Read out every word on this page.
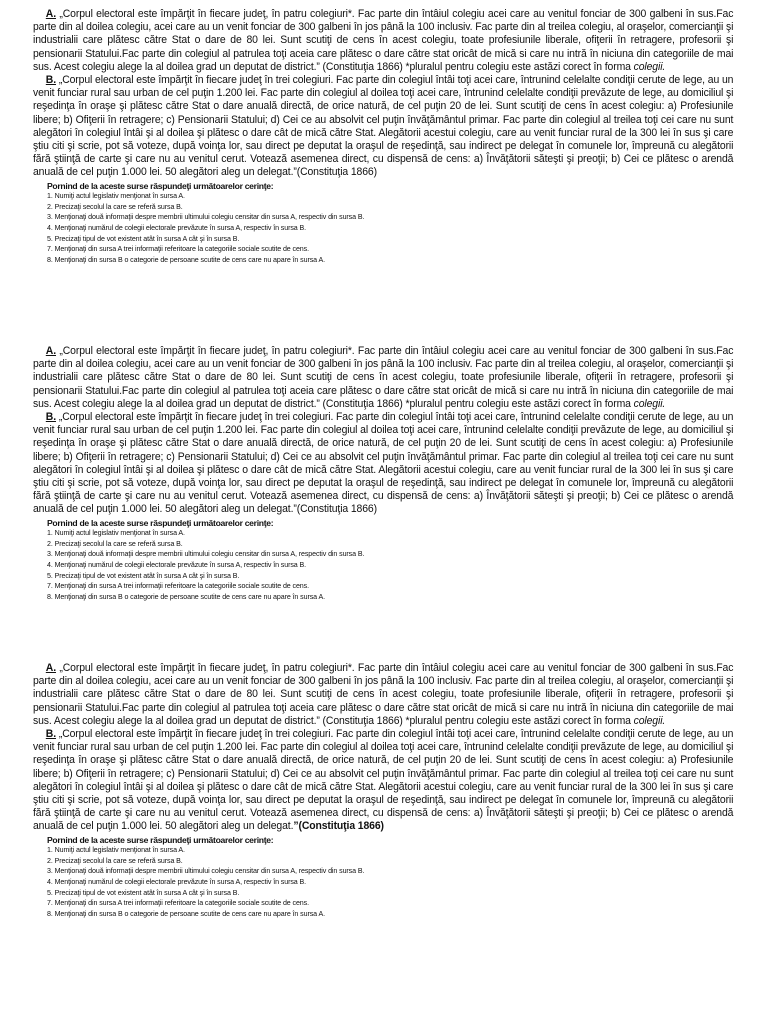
A. „Corpul electoral este împărţit în fiecare judeţ, în patru colegiuri*. Fac parte din întâiul colegiu acei care au venitul fonciar de 300 galbeni în sus.Fac parte din al doilea colegiu, acei care au un venit fonciar de 300 galbeni în jos până la 100 inclusiv. Fac parte din al treilea colegiu, al oraşelor, comercianţii şi industrialii care plătesc către Stat o dare de 80 lei. Sunt scutiţi de cens în acest colegiu, toate profesiunile liberale, ofiţerii în retragere, profesorii şi pensionarii Statului.Fac parte din colegiul al patrulea toţi aceia care plătesc o dare către stat oricât de mică si care nu intră în niciuna din categoriile de mai sus. Acest colegiu alege la al doilea grad un deputat de district.” (Constituţia 1866) *pluralul pentru colegiu este astăzi corect în forma colegii.

B. „Corpul electoral este împărţit în fiecare judeţ în trei colegiuri. Fac parte din colegiul întâi toţi acei care, întrunind celelalte condiţii cerute de lege, au un venit funciar rural sau urban de cel puţin 1.200 lei. Fac parte din colegiul al doilea toţi acei care, întrunind celelalte condiţii prevăzute de lege, au domiciliul şi reşedinţa în oraşe şi plătesc către Stat o dare anuală directă, de orice natură, de cel puţin 20 de lei. Sunt scutiţi de cens în acest colegiu: a) Profesiunile libere; b) Ofiţerii în retragere; c) Pensionarii Statului; d) Cei ce au absolvit cel puţin învăţământul primar. Fac parte din colegiul al treilea toţi cei care nu sunt alegători în colegiul întâi şi al doilea şi plătesc o dare cât de mică către Stat. Alegătorii acestui colegiu, care au venit funciar rural de la 300 lei în sus şi care ştiu citi şi scrie, pot să voteze, după voinţa lor, sau direct pe deputat la oraşul de reşedinţă, sau indirect pe delegat în comunele lor, împreună cu alegătorii fără ştiinţă de carte şi care nu au venitul cerut. Votează asemenea direct, cu dispensă de cens: a) Învăţătorii săteşti şi preoţii; b) Cei ce plătesc o arendă anuală de cel puţin 1.000 lei. 50 alegători aleg un delegat.”(Constituţia 1866)

Pornind de la aceste surse răspundeţi următoarelor cerinţe:

1. Numiţi actul legislativ menţionat în sursa A.
2. Precizaţi secolul la care se referă sursa B.
3. Menţionaţi două informaţii despre membrii ultimului colegiu censitar din sursa A, respectiv din sursa B.
4. Menţionaţi numărul de colegii electorale prevăzute în sursa A, respectiv în sursa B.
5. Precizaţi tipul de vot existent atât în sursa A cât şi în sursa B.
7. Menţionaţi din sursa A trei informaţii referitoare la categoriile sociale scutite de cens.
8. Menţionaţi din sursa B o categorie de persoane scutite de cens care nu apare în sursa A.

A. „Corpul electoral este împărţit în fiecare judeţ, în patru colegiuri*. Fac parte din întâiul colegiu acei care au venitul fonciar de 300 galbeni în sus.Fac parte din al doilea colegiu, acei care au un venit fonciar de 300 galbeni în jos până la 100 inclusiv. Fac parte din al treilea colegiu, al oraşelor, comercianţii şi industrialii care plătesc către Stat o dare de 80 lei. Sunt scutiţi de cens în acest colegiu, toate profesiunile liberale, ofiţerii în retragere, profesorii şi pensionarii Statului.Fac parte din colegiul al patrulea toţi aceia care plătesc o dare către stat oricât de mică si care nu intră în niciuna din categoriile de mai sus. Acest colegiu alege la al doilea grad un deputat de district.” (Constituţia 1866) *pluralul pentru colegiu este astăzi corect în forma colegii.

B. „Corpul electoral este împărţit în fiecare judeţ în trei colegiuri. Fac parte din colegiul întâi toţi acei care, întrunind celelalte condiţii cerute de lege, au un venit funciar rural sau urban de cel puţin 1.200 lei. Fac parte din colegiul al doilea toţi acei care, întrunind celelalte condiţii prevăzute de lege, au domiciliul şi reşedinţa în oraşe şi plătesc către Stat o dare anuală directă, de orice natură, de cel puţin 20 de lei. Sunt scutiţi de cens în acest colegiu: a) Profesiunile libere; b) Ofiţerii în retragere; c) Pensionarii Statului; d) Cei ce au absolvit cel puţin învăţământul primar. Fac parte din colegiul al treilea toţi cei care nu sunt alegători în colegiul întâi şi al doilea şi plătesc o dare cât de mică către Stat. Alegătorii acestui colegiu, care au venit funciar rural de la 300 lei în sus şi care ştiu citi şi scrie, pot să voteze, după voinţa lor, sau direct pe deputat la oraşul de reşedinţă, sau indirect pe delegat în comunele lor, împreună cu alegătorii fără ştiinţă de carte şi care nu au venitul cerut. Votează asemenea direct, cu dispensă de cens: a) Învăţătorii săteşti şi preoţii; b) Cei ce plătesc o arendă anuală de cel puţin 1.000 lei. 50 alegători aleg un delegat.”(Constituţia 1866)

Pornind de la aceste surse răspundeţi următoarelor cerinţe:

1. Numiţi actul legislativ menţionat în sursa A.
2. Precizaţi secolul la care se referă sursa B.
3. Menţionaţi două informaţii despre membrii ultimului colegiu censitar din sursa A, respectiv din sursa B.
4. Menţionaţi numărul de colegii electorale prevăzute în sursa A, respectiv în sursa B.
5. Precizaţi tipul de vot existent atât în sursa A cât şi în sursa B.
7. Menţionaţi din sursa A trei informaţii referitoare la categoriile sociale scutite de cens.
8. Menţionaţi din sursa B o categorie de persoane scutite de cens care nu apare în sursa A.

A. „Corpul electoral este împărţit în fiecare judeţ, în patru colegiuri*. Fac parte din întâiul colegiu acei care au venitul fonciar de 300 galbeni în sus.Fac parte din al doilea colegiu, acei care au un venit fonciar de 300 galbeni în jos până la 100 inclusiv. Fac parte din al treilea colegiu, al oraşelor, comercianţii şi industrialii care plătesc către Stat o dare de 80 lei. Sunt scutiţi de cens în acest colegiu, toate profesiunile liberale, ofiţerii în retragere, profesorii şi pensionarii Statului.Fac parte din colegiul al patrulea toţi aceia care plătesc o dare către stat oricât de mică si care nu intră în niciuna din categoriile de mai sus. Acest colegiu alege la al doilea grad un deputat de district.” (Constituţia 1866) *pluralul pentru colegiu este astăzi corect în forma colegii.

B. „Corpul electoral este împărţit în fiecare judeţ în trei colegiuri. Fac parte din colegiul întâi toţi acei care, întrunind celelalte condiţii cerute de lege, au un venit funciar rural sau urban de cel puţin 1.200 lei. Fac parte din colegiul al doilea toţi acei care, întrunind celelalte condiţii prevăzute de lege, au domiciliul şi reşedinţa în oraşe şi plătesc către Stat o dare anuală directă, de orice natură, de cel puţin 20 de lei. Sunt scutiţi de cens în acest colegiu: a) Profesiunile libere; b) Ofiţerii în retragere; c) Pensionarii Statului; d) Cei ce au absolvit cel puţin învăţământul primar. Fac parte din colegiul al treilea toţi cei care nu sunt alegători în colegiul întâi şi al doilea şi plătesc o dare cât de mică către Stat. Alegătorii acestui colegiu, care au venit funciar rural de la 300 lei în sus şi care ştiu citi şi scrie, pot să voteze, după voinţa lor, sau direct pe deputat la oraşul de reşedinţă, sau indirect pe delegat în comunele lor, împreună cu alegătorii fără ştiinţă de carte şi care nu au venitul cerut. Votează asemenea direct, cu dispensă de cens: a) Învăţătorii săteşti şi preoţii; b) Cei ce plătesc o arendă anuală de cel puţin 1.000 lei. 50 alegători aleg un delegat.”(Constituţia 1866)

Pornind de la aceste surse răspundeţi următoarelor cerinţe:

1. Numiţi actul legislativ menţionat în sursa A.
2. Precizaţi secolul la care se referă sursa B.
3. Menţionaţi două informaţii despre membrii ultimului colegiu censitar din sursa A, respectiv din sursa B.
4. Menţionaţi numărul de colegii electorale prevăzute în sursa A, respectiv în sursa B.
5. Precizaţi tipul de vot existent atât în sursa A cât şi în sursa B.
7. Menţionaţi din sursa A trei informaţii referitoare la categoriile sociale scutite de cens.
8. Menţionaţi din sursa B o categorie de persoane scutite de cens care nu apare în sursa A.
